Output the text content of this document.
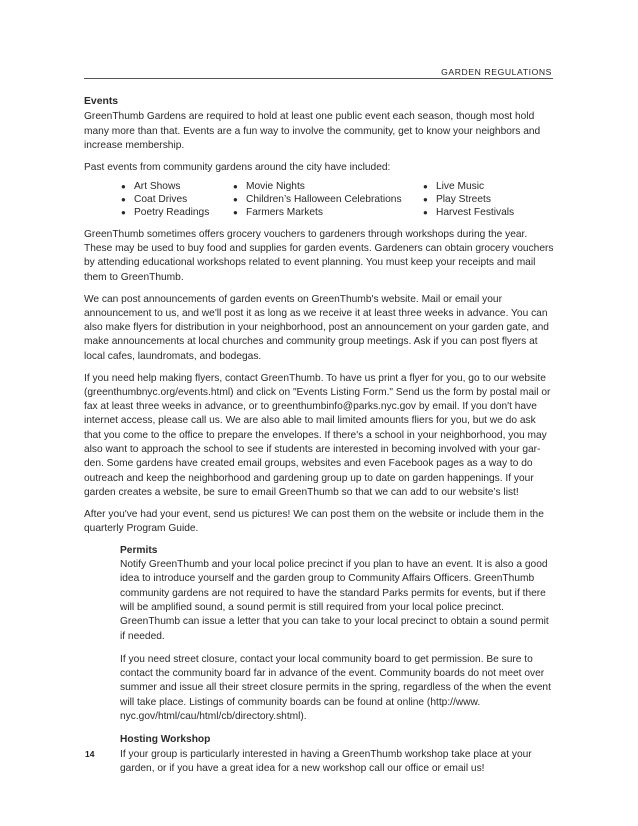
GARDEN REGULATIONS
Events

GreenThumb Gardens are required to hold at least one public event each season, though most hold many more than that. Events are a fun way to involve the community, get to know your neighbors and increase membership.

Past events from community gardens around the city have included:

● Art Shows
● Coat Drives
● Poetry Readings
● Movie Nights
● Children’s Halloween Celebrations
● Farmers Markets
● Live Music
● Play Streets
● Harvest Festivals

GreenThumb sometimes offers grocery vouchers to gardeners through workshops during the year. These may be used to buy food and supplies for garden events. Gardeners can obtain grocery vouchers by attending educational workshops related to event planning. You must keep your receipts and mail them to GreenThumb.

We can post announcements of garden events on GreenThumb's website. Mail or email your announcement to us, and we'll post it as long as we receive it at least three weeks in advance. You can also make flyers for distribution in your neighborhood, post an announcement on your garden gate, and make announcements at local churches and community group meetings. Ask if you can post flyers at local cafes, laundromats, and bodegas.

If you need help making flyers, contact GreenThumb. To have us print a flyer for you, go to our website (greenthumbnyc.org/events.html) and click on "Events Listing Form." Send us the form by postal mail or fax at least three weeks in advance, or to greenthumbinfo@parks.nyc.gov by email. If you don't have internet access, please call us. We are also able to mail limited amounts fliers for you, but we do ask that you come to the office to prepare the envelopes. If there's a school in your neighborhood, you may also want to approach the school to see if students are interested in becoming involved with your gar-den. Some gardens have created email groups, websites and even Facebook pages as a way to do outreach and keep the neighborhood and gardening group up to date on garden happenings. If your garden creates a website, be sure to email GreenThumb so that we can add to our website’s list!

After you've had your event, send us pictures! We can post them on the website or include them in the quarterly Program Guide.

Permits

Notify GreenThumb and your local police precinct if you plan to have an event. It is also a good idea to introduce yourself and the garden group to Community Affairs Officers. GreenThumb community gardens are not required to have the standard Parks permits for events, but if there will be amplified sound, a sound permit is still required from your local police precinct. GreenThumb can issue a letter that you can take to your local precinct to obtain a sound permit if needed.

If you need street closure, contact your local community board to get permission. Be sure to contact the community board far in advance of the event. Community boards do not meet over summer and issue all their street closure permits in the spring, regardless of the when the event will take place. Listings of community boards can be found at online (http://www. nyc.gov/html/cau/html/cb/directory.shtml).

Hosting Workshop

If your group is particularly interested in having a GreenThumb workshop take place at your garden, or if you have a great idea for a new workshop call our office or email us!

14
